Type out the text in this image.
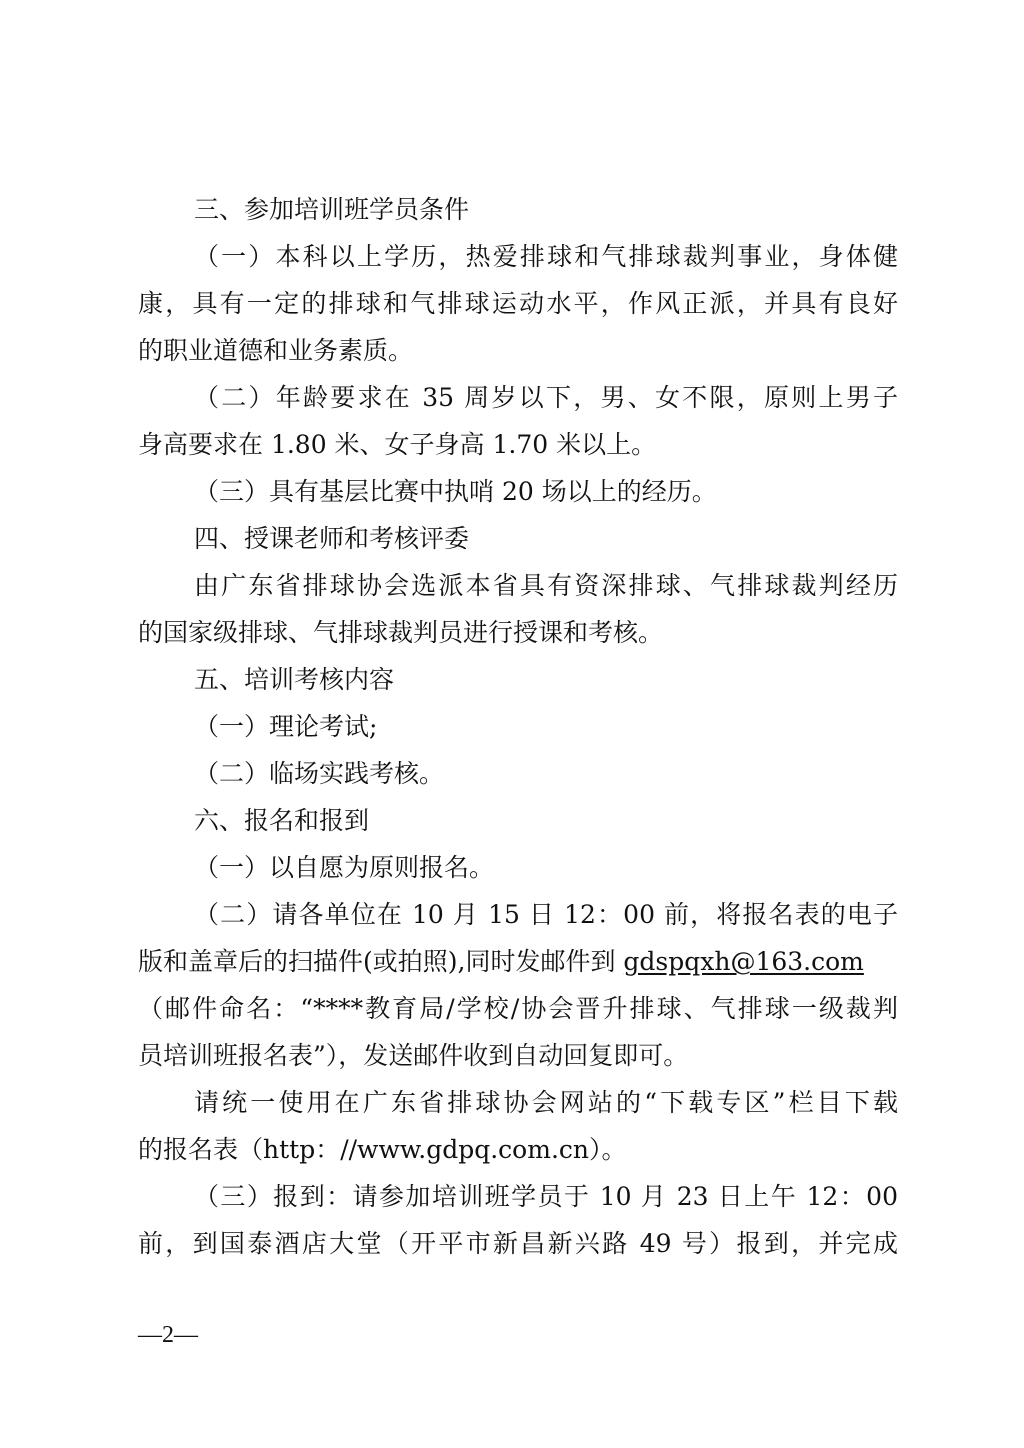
三、参加培训班学员条件

（一）本科以上学历，热爱排球和气排球裁判事业，身体健
康，具有一定的排球和气排球运动水平，作风正派，并具有良好
的职业道德和业务素质。

（二）年龄要求在 35 周岁以下，男、女不限，原则上男子
身高要求在 1.80 米、女子身高 1.70 米以上。

（三）具有基层比赛中执哨 20 场以上的经历。

四、授课老师和考核评委

由广东省排球协会选派本省具有资深排球、气排球裁判经历
的国家级排球、气排球裁判员进行授课和考核。

五、培训考核内容

（一）理论考试;

（二）临场实践考核。

六、报名和报到

（一）以自愿为原则报名。

（二）请各单位在 10 月 15 日 12：00 前，将报名表的电子
版和盖章后的扫描件(或拍照),同时发邮件到 gdspqxh@163.com
（邮件命名：“****教育局/学校/协会晋升排球、气排球一级裁判
员培训班报名表”），发送邮件收到自动回复即可。

请统一使用在广东省排球协会网站的“下载专区”栏目下载
的报名表（http：//www.gdpq.com.cn）。

（三）报到：请参加培训班学员于 10 月 23 日上午 12：00
前，到国泰酒店大堂（开平市新昌新兴路 49 号）报到，并完成

—2—
